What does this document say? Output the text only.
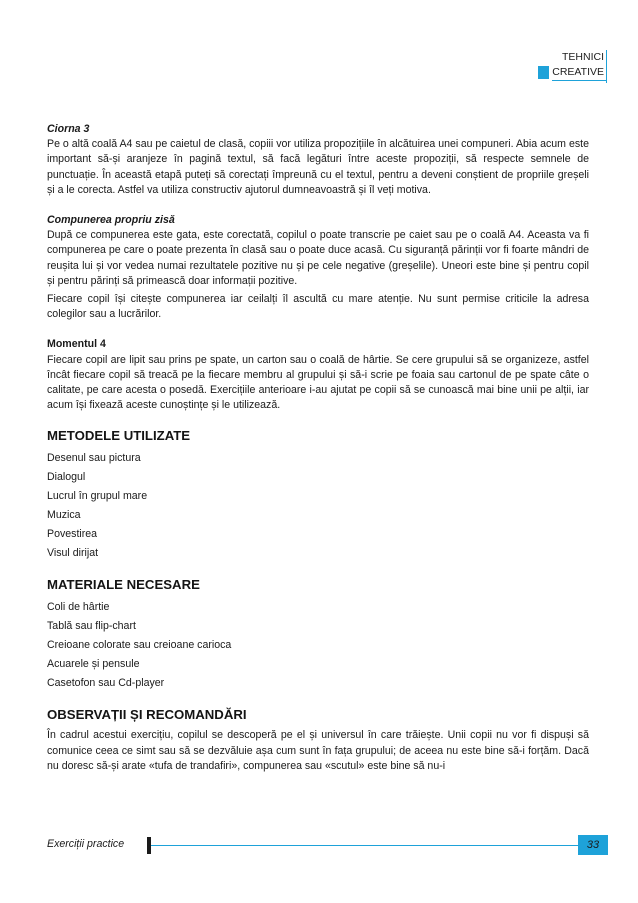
TEHNICI
CREATIVE

Ciorna 3

Pe o altă coală A4 sau pe caietul de clasă, copiii vor utiliza propozițiile în alcătuirea unei compuneri. Abia acum este important să-și aranjeze în pagină textul, să facă legături între aceste propoziții, să respecte semnele de punctuație. În această etapă puteți să corectați împreună cu el textul, pentru a deveni conștient de propriile greșeli și a le corecta. Astfel va utiliza constructiv ajutorul dumneavoastră și îl veți motiva.

Compunerea propriu zisă

După ce compunerea este gata, este corectată, copilul o poate transcrie pe caiet sau pe o coală A4. Aceasta va fi compunerea pe care o poate prezenta în clasă sau o poate duce acasă. Cu siguranță părinții vor fi foarte mândri de reușita lui și vor vedea numai rezultatele pozitive nu și pe cele negative (greșelile). Uneori este bine și pentru copil și pentru părinți să primească doar informații pozitive.

Fiecare copil își citește compunerea iar ceilalți îl ascultă cu mare atenție. Nu sunt permise criticile la adresa colegilor sau a lucrărilor.

Momentul 4

Fiecare copil are lipit sau prins pe spate, un carton sau o coală de hârtie. Se cere grupului să se organizeze, astfel încât fiecare copil să treacă pe la fiecare membru al grupului și să-i scrie pe foaia sau cartonul de pe spate câte o calitate, pe care acesta o posedă. Exercițiile anterioare i-au ajutat pe copii să se cunoască mai bine unii pe alții, iar acum își fixează aceste cunoștințe și le utilizează.

METODELE UTILIZATE

Desenul sau pictura

Dialogul

Lucrul în grupul mare

Muzica

Povestirea

Visul dirijat

MATERIALE NECESARE

Coli de hârtie

Tablă sau flip-chart

Creioane colorate sau creioane carioca

Acuarele și pensule

Casetofon sau Cd-player

OBSERVAȚII ȘI RECOMANDĂRI

În cadrul acestui exercițiu, copilul se descoperă pe el și universul în care trăiește. Unii copii nu vor fi dispuși să comunice ceea ce simt sau să se dezvăluie așa cum sunt în fața grupului; de aceea nu este bine să-i forțăm. Dacă nu doresc să-și arate «tufa de trandafiri», compunerea sau «scutul» este bine să nu-i

Exerciții practice	33
